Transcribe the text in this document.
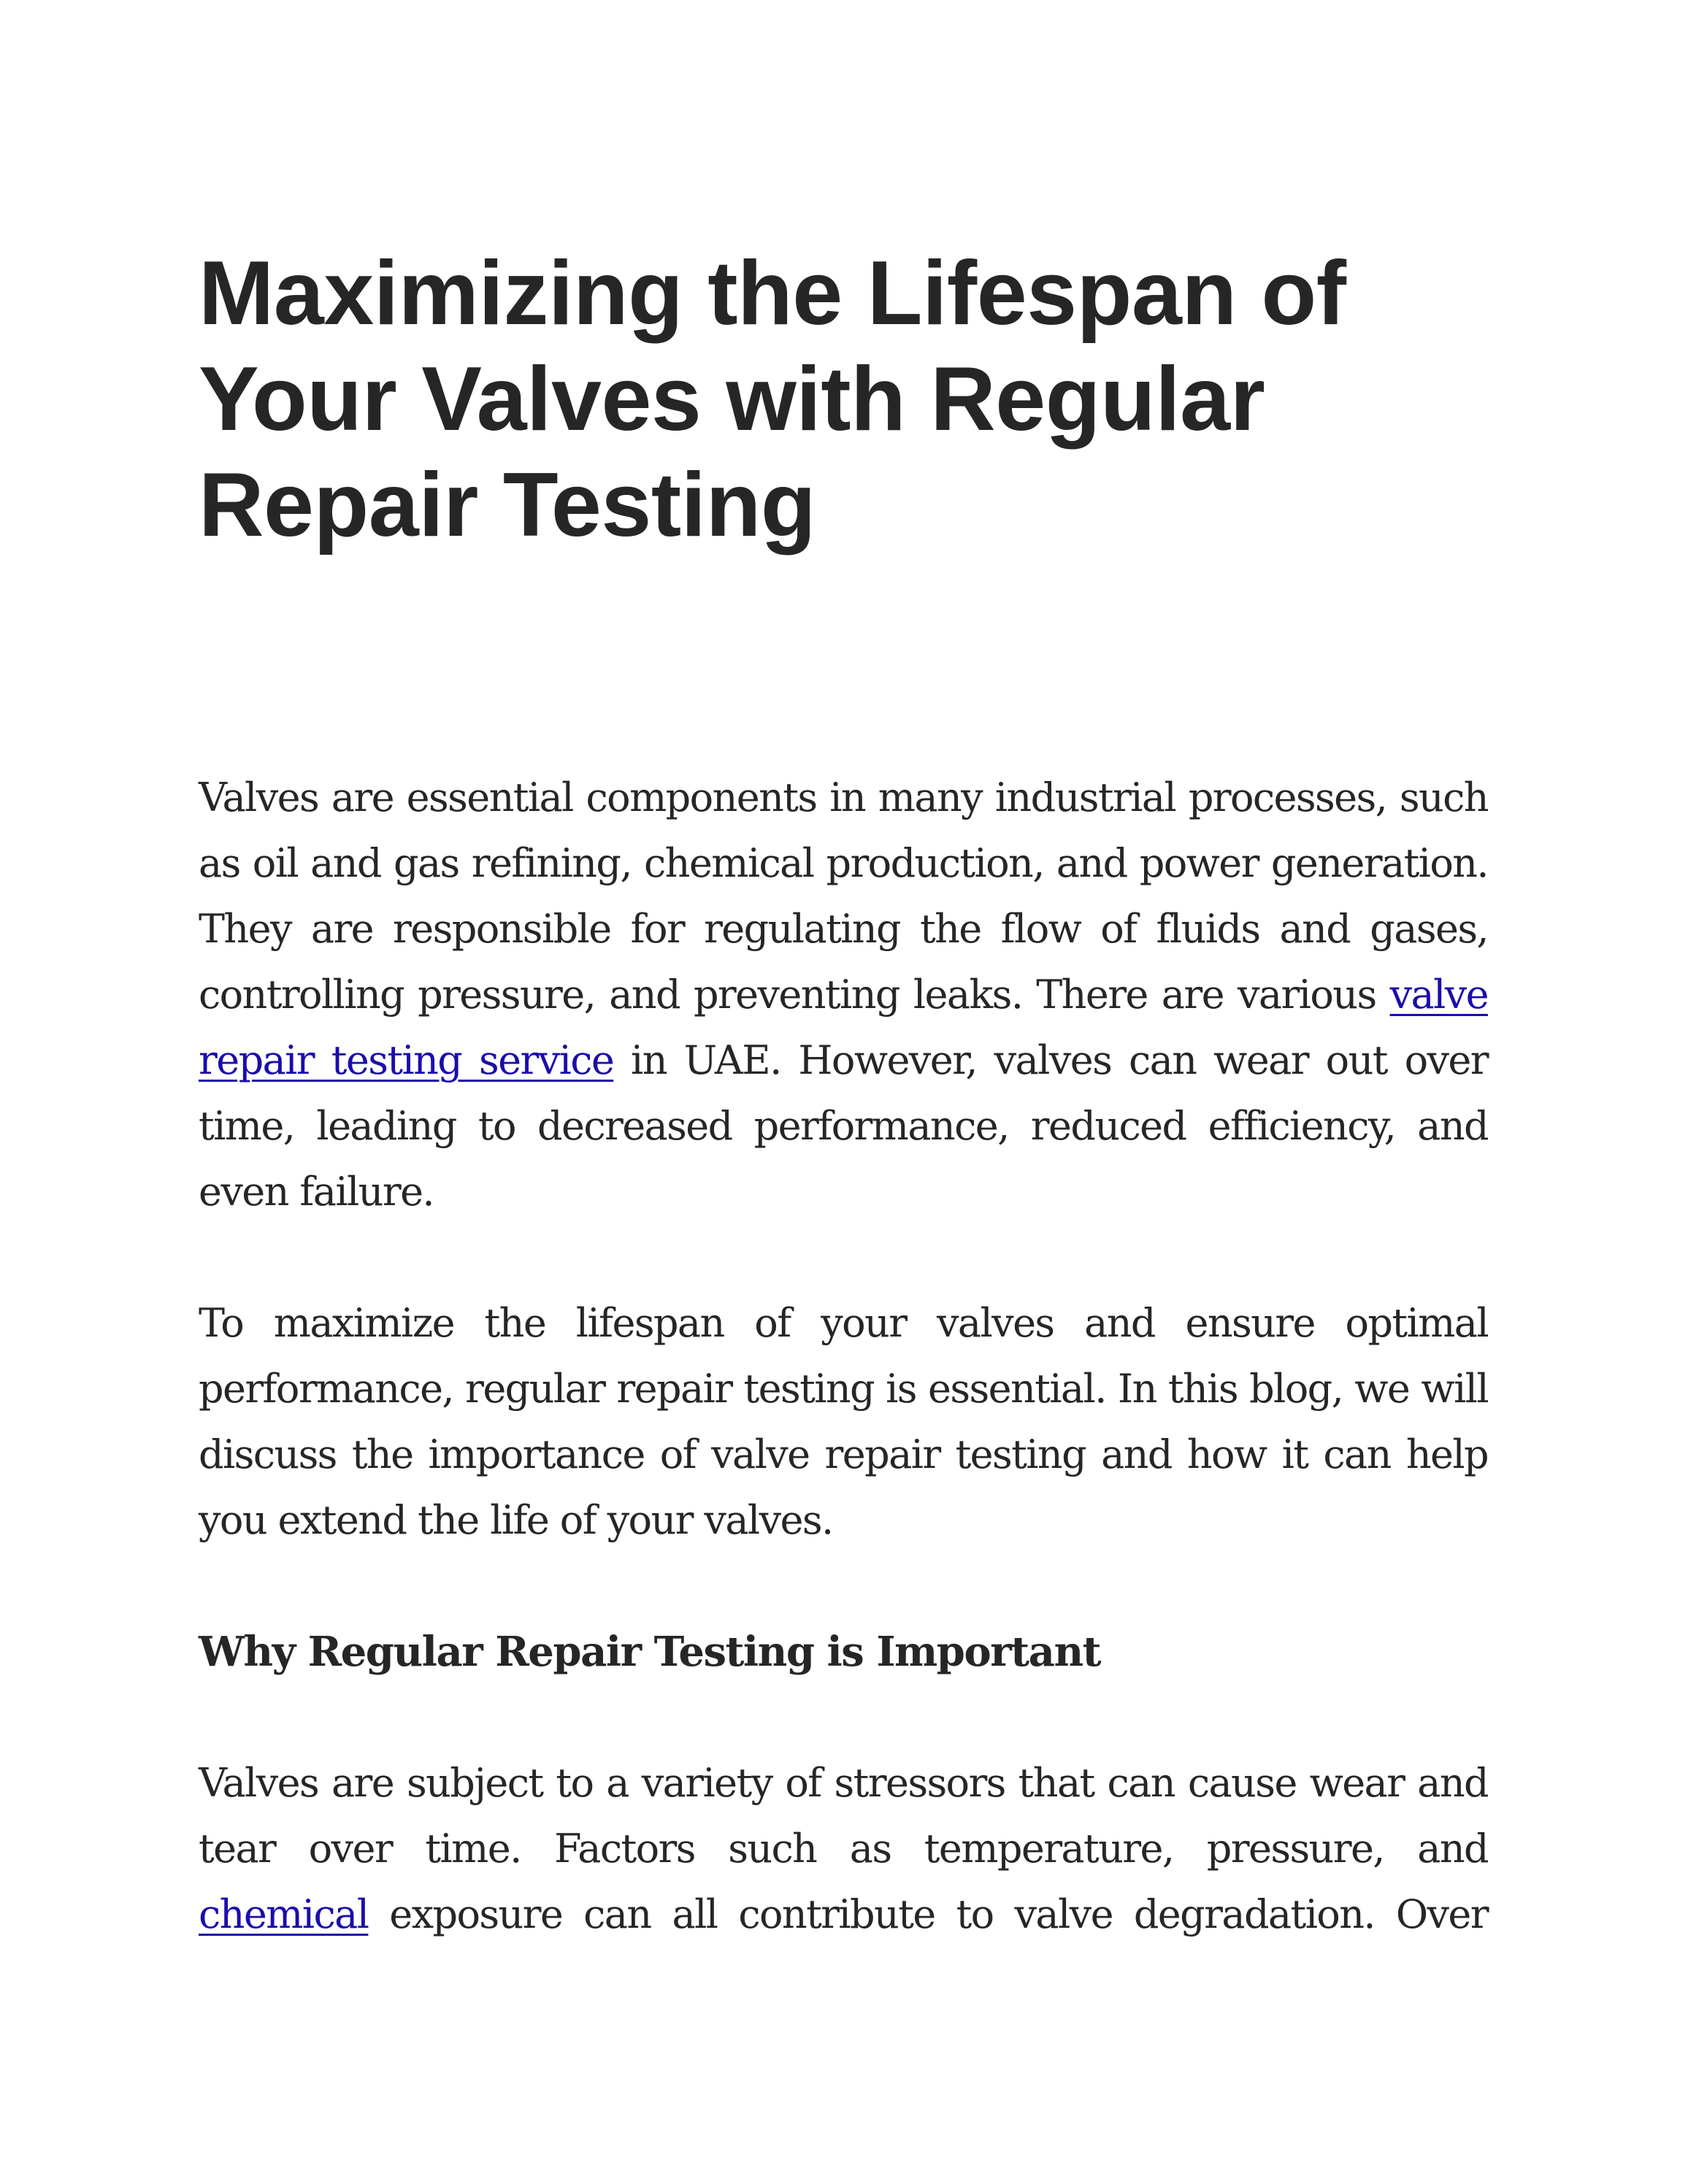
Maximizing the Lifespan of
Your Valves with Regular
Repair Testing

Valves are essential components in many industrial processes, such as oil and gas refining, chemical production, and power generation. They are responsible for regulating the flow of fluids and gases, controlling pressure, and preventing leaks. There are various valve repair testing service in UAE. However, valves can wear out over time, leading to decreased performance, reduced efficiency, and even failure.

To maximize the lifespan of your valves and ensure optimal performance, regular repair testing is essential. In this blog, we will discuss the importance of valve repair testing and how it can help you extend the life of your valves.

Why Regular Repair Testing is Important

Valves are subject to a variety of stressors that can cause wear and tear over time. Factors such as temperature, pressure, and chemical exposure can all contribute to valve degradation. Over
